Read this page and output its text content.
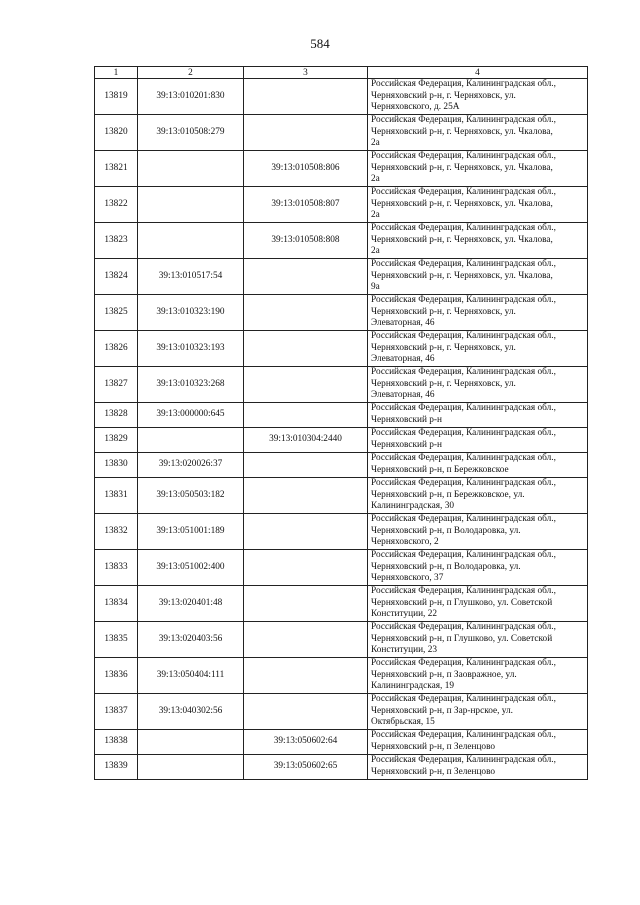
584
1	2	3	4
13819	39:13:010201:830		Российская Федерация, Калининградская обл.,
Черняховский р-н, г. Черняховск, ул.
Черняховского, д. 25А

13820	39:13:010508:279		Российская Федерация, Калининградская обл.,
Черняховский р-н, г. Черняховск, ул. Чкалова,
2а

13821		39:13:010508:806	Российская Федерация, Калининградская обл.,
Черняховский р-н, г. Черняховск, ул. Чкалова,
2а

13822		39:13:010508:807	Российская Федерация, Калининградская обл.,
Черняховский р-н, г. Черняховск, ул. Чкалова,
2а

13823		39:13:010508:808	Российская Федерация, Калининградская обл.,
Черняховский р-н, г. Черняховск, ул. Чкалова,
2а

13824	39:13:010517:54		Российская Федерация, Калининградская обл.,
Черняховский р-н, г. Черняховск, ул. Чкалова,
9а

13825	39:13:010323:190		Российская Федерация, Калининградская обл.,
Черняховский р-н, г. Черняховск, ул.
Элеваторная, 46

13826	39:13:010323:193		Российская Федерация, Калининградская обл.,
Черняховский р-н, г. Черняховск, ул.
Элеваторная, 46

13827	39:13:010323:268		Российская Федерация, Калининградская обл.,
Черняховский р-н, г. Черняховск, ул.
Элеваторная, 46

13828	39:13:000000:645		Российская Федерация, Калининградская обл.,
Черняховский р-н

13829		39:13:010304:2440	Российская Федерация, Калининградская обл.,
Черняховский р-н

13830	39:13:020026:37		Российская Федерация, Калининградская обл.,
Черняховский р-н, п Бережковское

13831	39:13:050503:182		Российская Федерация, Калининградская обл.,
Черняховский р-н, п Бережковское, ул.
Калининградская, 30

13832	39:13:051001:189		Российская Федерация, Калининградская обл.,
Черняховский р-н, п Володаровка, ул.
Черняховского, 2

13833	39:13:051002:400		Российская Федерация, Калининградская обл.,
Черняховский р-н, п Володаровка, ул.
Черняховского, 37

13834	39:13:020401:48		Российская Федерация, Калининградская обл.,
Черняховский р-н, п Глушково, ул. Советской
Конституции, 22

13835	39:13:020403:56		Российская Федерация, Калининградская обл.,
Черняховский р-н, п Глушково, ул. Советской
Конституции, 23

13836	39:13:050404:111		Российская Федерация, Калининградская обл.,
Черняховский р-н, п Заовражное, ул.
Калининградская, 19

13837	39:13:040302:56		Российская Федерация, Калининградская обл.,
Черняховский р-н, п Зар-нрское, ул.
Октябрьская, 15

13838		39:13:050602:64	Российская Федерация, Калининградская обл.,
Черняховский р-н, п Зеленцово

13839		39:13:050602:65	Российская Федерация, Калининградская обл.,
Черняховский р-н, п Зеленцово
